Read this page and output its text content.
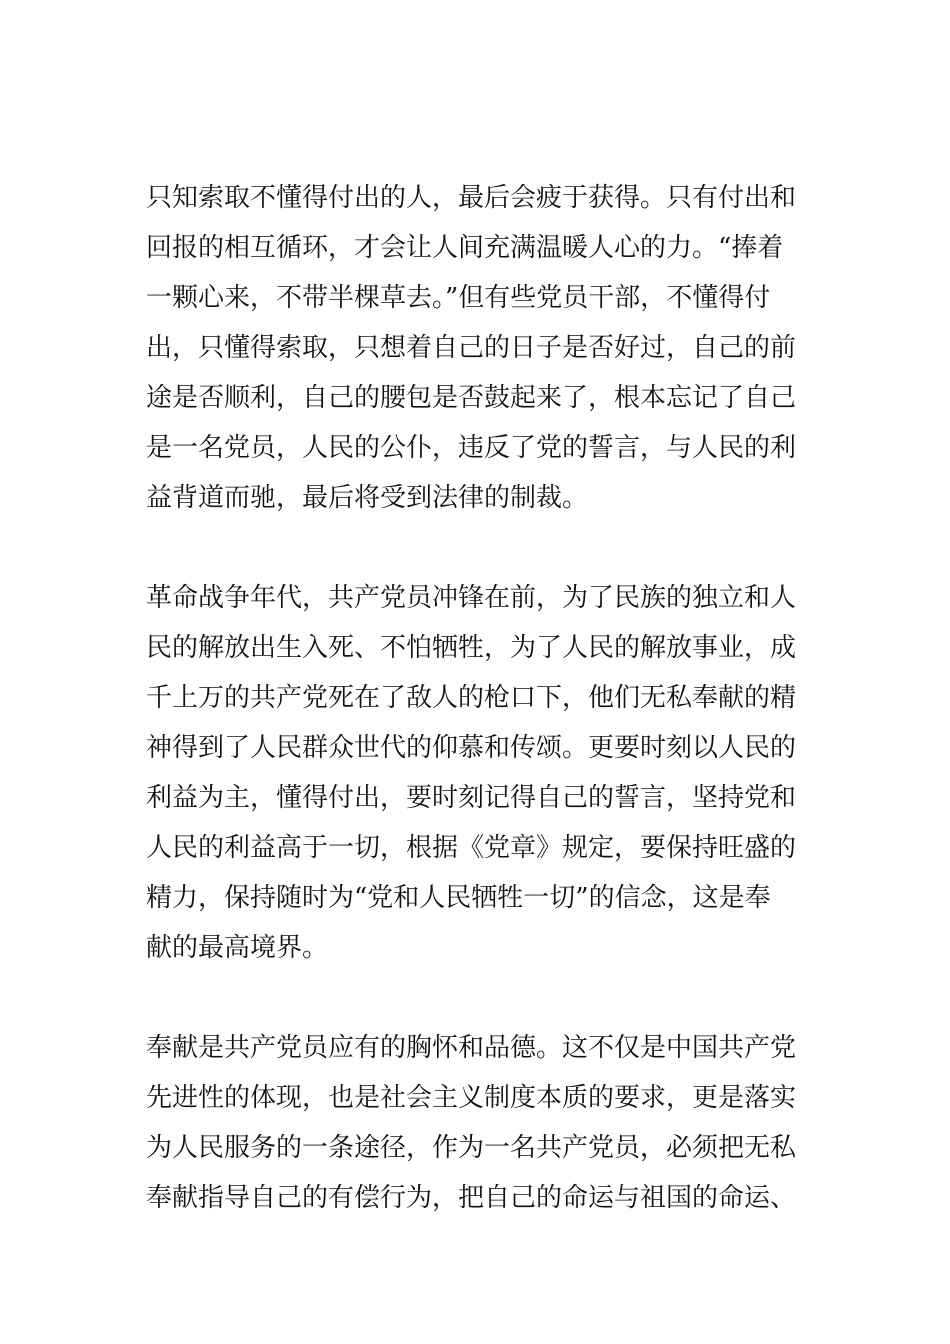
只知索取不懂得付出的人，最后会疲于获得。只有付出和
回报的相互循环，才会让人间充满温暖人心的力。“捧着
一颗心来，不带半棵草去。”但有些党员干部，不懂得付
出，只懂得索取，只想着自己的日子是否好过，自己的前
途是否顺利，自己的腰包是否鼓起来了，根本忘记了自己
是一名党员，人民的公仆，违反了党的誓言，与人民的利
益背道而驰，最后将受到法律的制裁。

革命战争年代，共产党员冲锋在前，为了民族的独立和人
民的解放出生入死、不怕牺牲，为了人民的解放事业，成
千上万的共产党死在了敌人的枪口下，他们无私奉献的精
神得到了人民群众世代的仰慕和传颂。更要时刻以人民的
利益为主，懂得付出，要时刻记得自己的誓言，坚持党和
人民的利益高于一切，根据《党章》规定，要保持旺盛的
精力，保持随时为“党和人民牺牲一切”的信念，这是奉
献的最高境界。

奉献是共产党员应有的胸怀和品德。这不仅是中国共产党
先进性的体现，也是社会主义制度本质的要求，更是落实
为人民服务的一条途径，作为一名共产党员，必须把无私
奉献指导自己的有偿行为，把自己的命运与祖国的命运、
